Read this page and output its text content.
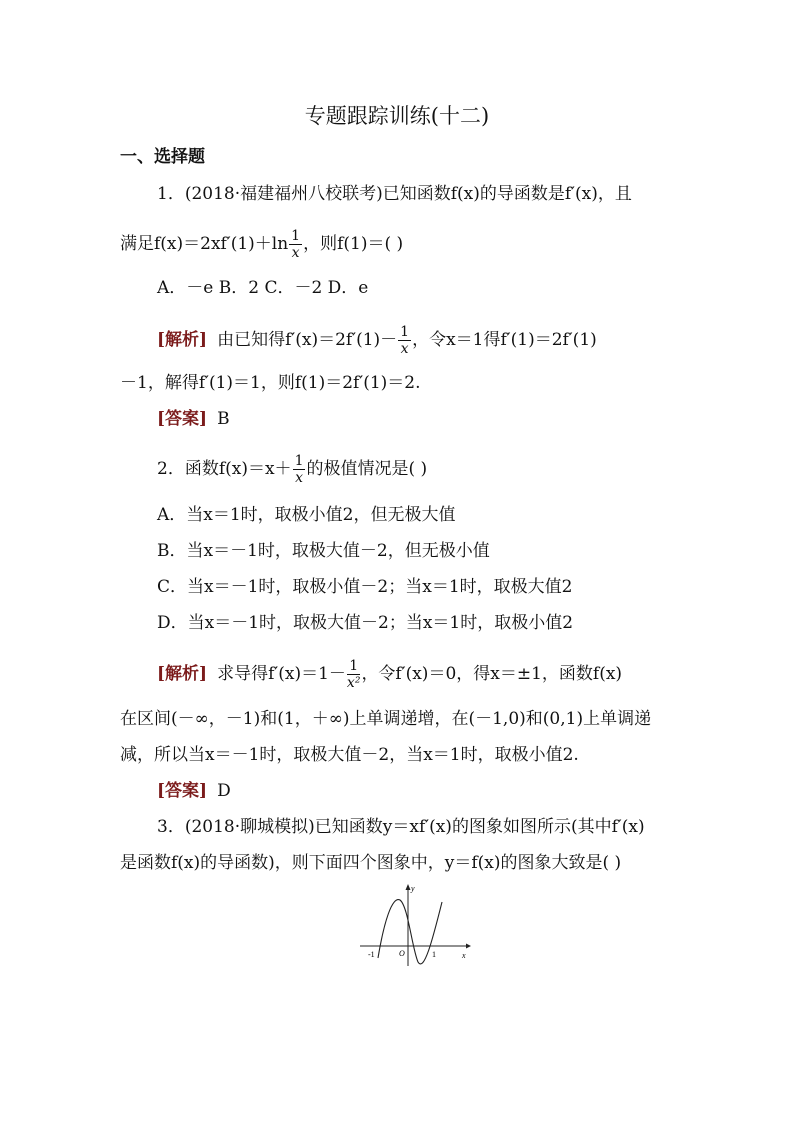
专题跟踪训练(十二)
一、选择题
1．(2018·福建福州八校联考)已知函数f(x)的导函数是f′(x)，且
满足$f(x)=2xf'(1)+\ln \frac{1}{x}$ ，则f(1)＝( )
A．－e B．2 C．－2 D．e
[解析] 由已知得$f'(x)=2f'(1)- \frac{1}{x}$ ，令x＝1得f′(1)＝2f′(1)
－1，解得f′(1)＝1，则f(1)＝2f′(1)＝2.
[答案] B
2．函数$f(x)=x+ \frac{1}{x}$ 的极值情况是( )
A．当x＝1时，取极小值2，但无极大值
B．当x＝－1时，取极大值－2，但无极小值
C．当x＝－1时，取极小值－2；当x＝1时，取极大值2
D．当x＝－1时，取极大值－2；当x＝1时，取极小值2
[解析] 求导得$f'(x)=1- \frac{1}{\text{x²}}$ ，令f′(x)＝0，得x＝±1，函数f(x)
在区间(－∞，－1)和(1，＋∞)上单调递增，在(－1,0)和(0,1)上单调递
减，所以当x＝－1时，取极大值－2，当x＝1时，取极小值2.
[答案] D
3．(2018·聊城模拟)已知函数y＝xf′(x)的图象如图所示(其中f′(x)
是函数f(x)的导函数)，则下面四个图象中，y＝f(x)的图象大致是( )
y
x
O
-1	1
